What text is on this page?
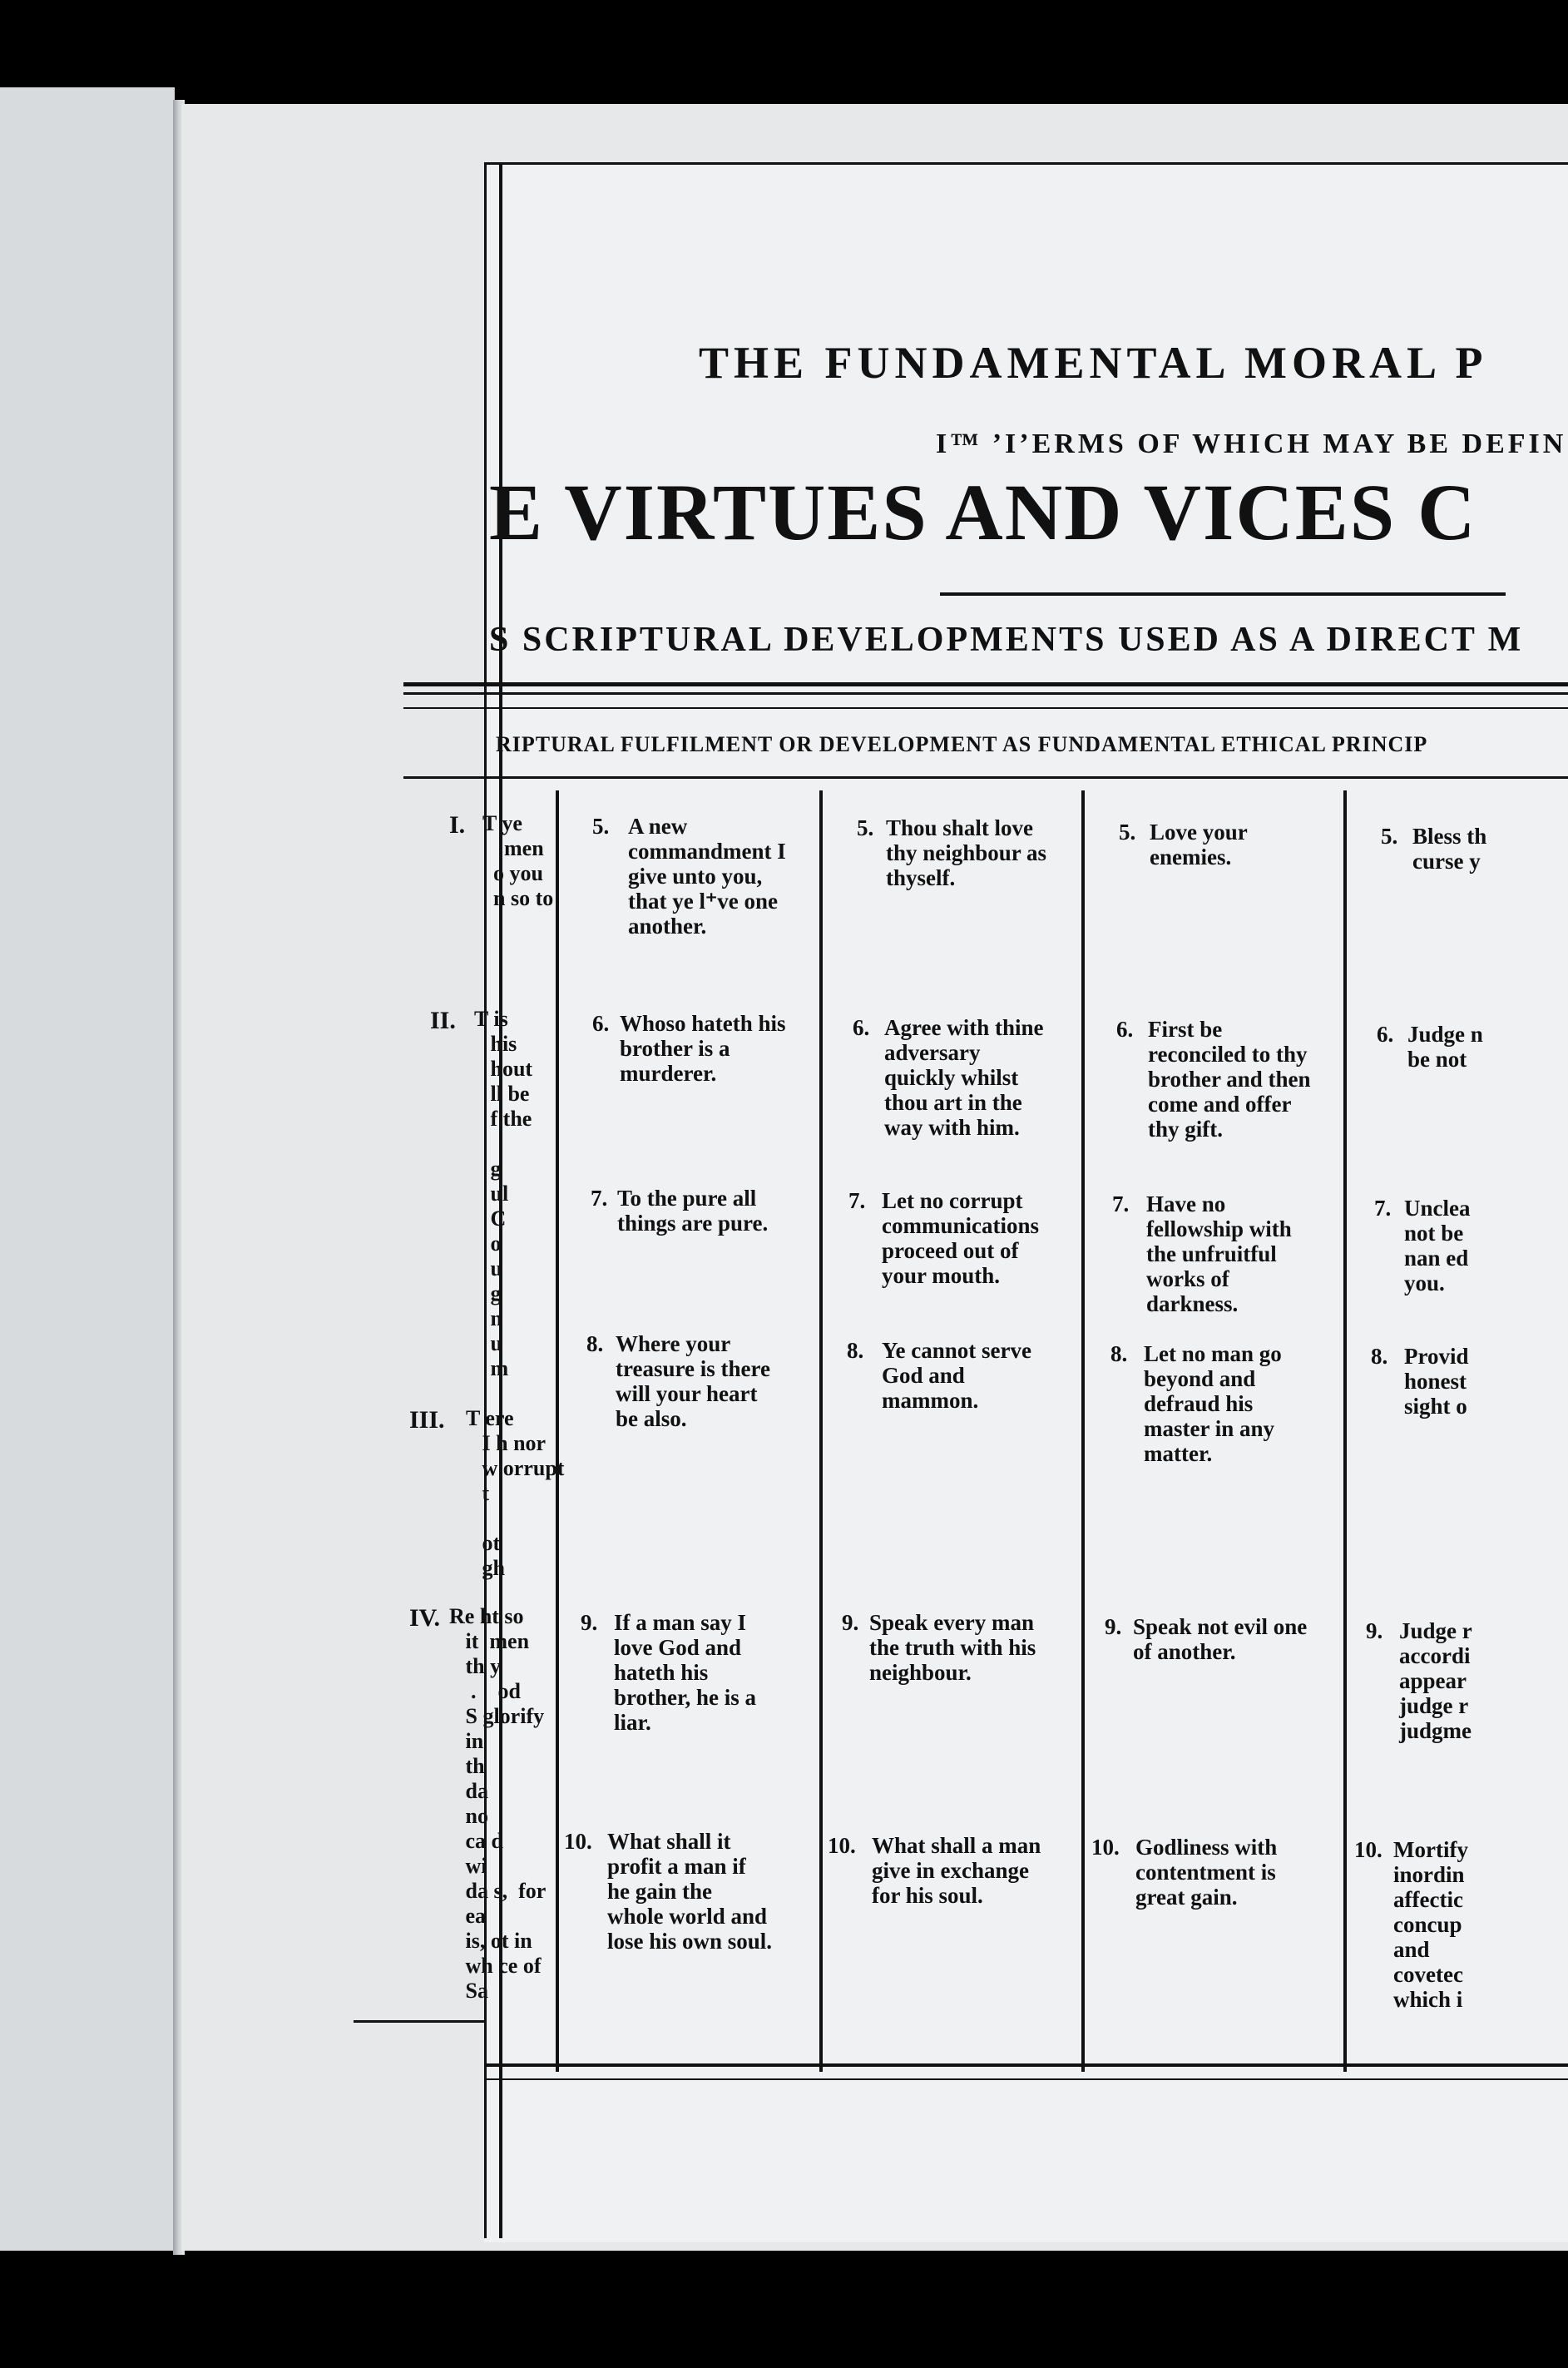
THE FUNDAMENTAL MORAL P
I™ ’I’ERMS OF WHICH MAY BE DEFIN
E VIRTUES AND VICES C
S SCRIPTURAL DEVELOPMENTS USED AS A DIRECT M
RIPTURAL FULFILMENT OR DEVELOPMENT AS FUNDAMENTAL ETHICAL PRINCIP
I. T ye
men
o you
n so to
II. T is
his
hout
ll be
f the

g
ul
C
o
u
g
n
u
m
III. T ere
I h nor
w orrupt
t

ot
gh
IV. Re ht so
it  men
th y
.    od
S glorify
in
th
da
no
ca d
wi
da s,  for
ea
is, ot in
wh ce of
Sa
5. A new
commandment I
give unto you,
that ye l⁺ve one
another.
6. Whoso hateth his
brother is a
murderer.
7. To the pure all
things are pure.
8. Where your
treasure is there
will your heart
be also.
9. If a man say I
love God and
hateth his
brother, he is a
liar.
10. What shall it
profit a man if
he gain the
whole world and
lose his own soul.
5. Thou shalt love
thy neighbour as
thyself.
6. Agree with thine
adversary
quickly whilst
thou art in the
way with him.
7. Let no corrupt
communications
proceed out of
your mouth.
8. Ye cannot serve
God and
mammon.
9. Speak every man
the truth with his
neighbour.
10. What shall a man
give in exchange
for his soul.
5. Love your
enemies.
6. First be
reconciled to thy
brother and then
come and offer
thy gift.
7. Have no
fellowship with
the unfruitful
works of
darkness.
8. Let no man go
beyond and
defraud his
master in any
matter.
9. Speak not evil one
of another.
10. Godliness with
contentment is
great gain.
5. Bless th
curse y
6. Judge n
be not
7. Unclea
not be
nan ed
you.
8. Provid
honest
sight o
9. Judge r
accordi
appear
judge r
judgme
10. Mortify
inordin
affectic
concup
and
covetec
which i
